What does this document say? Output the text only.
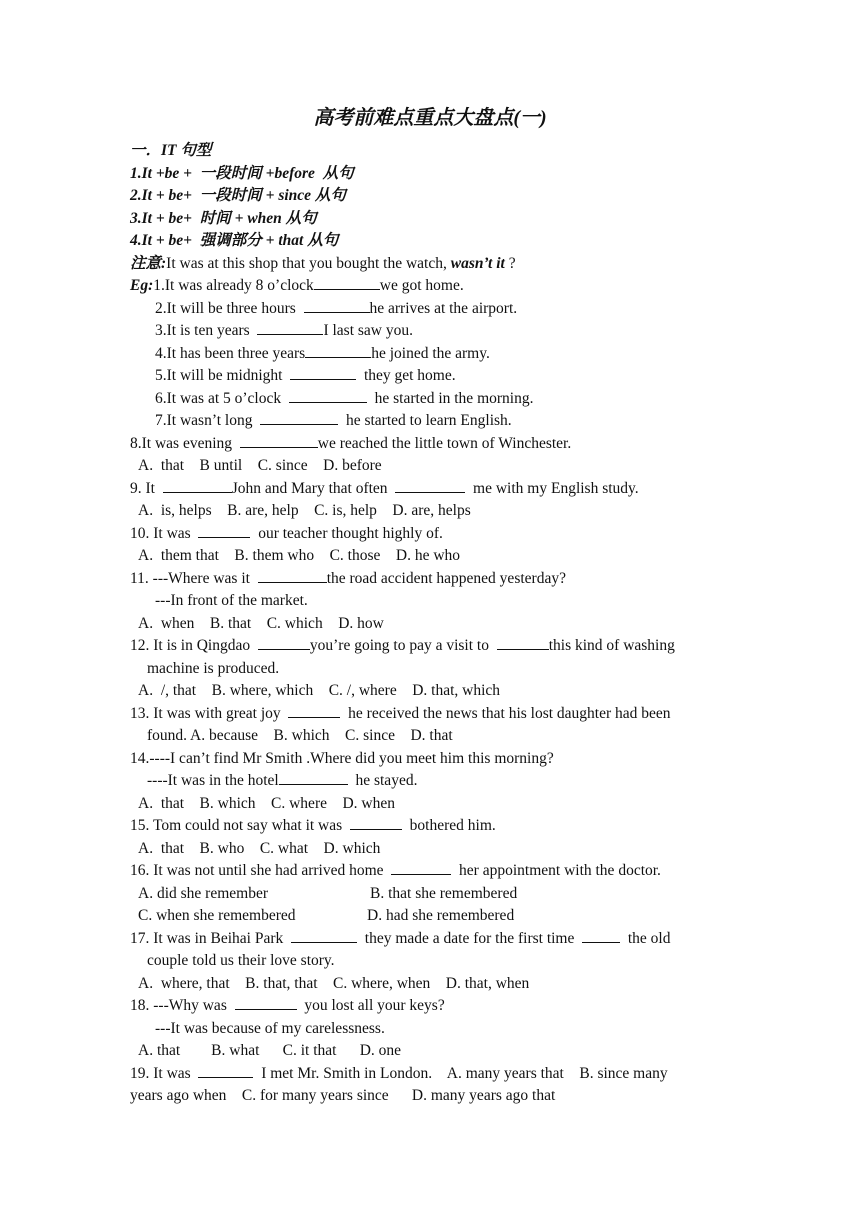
高考前难点重点大盘点(一)
一．IT 句型
1.It +be +  一段时间 +before  从句
2.It + be+  一段时间 + since 从句
3.It + be+  时间 + when 从句
4.It + be+  强调部分 + that 从句
注意:It was at this shop that you bought the watch, wasn’t it ?
Eg:1.It was already 8 o’clock	we got home.
2.It will be three hours	he arrives at the airport.
3.It is ten years	I last saw you.
4.It has been three years	he joined the army.
5.It will be midnight	they get home.
6.It was at 5 o’clock	he started in the morning.
7.It wasn’t long	he started to learn English.
8.It was evening	we reached the little town of Winchester.
A.  that    B until    C. since    D. before
9. It	John and Mary that often	me with my English study.
A.  is, helps    B. are, help    C. is, help    D. are, helps
10. It was	our teacher thought highly of.
A.  them that    B. them who    C. those    D. he who
11. ---Where was it	the road accident happened yesterday?
---In front of the market.
A.  when    B. that    C. which    D. how
12. It is in Qingdao	you’re going to pay a visit to	this kind of washing
machine is produced.
A.  /, that    B. where, which    C. /, where    D. that, which
13. It was with great joy	he received the news that his lost daughter had been
found. A. because    B. which    C. since    D. that
14.----I can’t find Mr Smith .Where did you meet him this morning?
----It was in the hotel	he stayed.
A.  that    B. which    C. where    D. when
15. Tom could not say what it was	bothered him.
A.  that    B. who    C. what    D. which
16. It was not until she had arrived home	her appointment with the doctor.
A. did she remember	B. that she remembered
C. when she remembered	D. had she remembered
17. It was in Beihai Park	they made a date for the first time    the old
couple told us their love story.
A.  where, that    B. that, that    C. where, when    D. that, when
18. ---Why was	you lost all your keys?
---It was because of my carelessness.
A. that        B. what      C. it that      D. one
19. It was	I met Mr. Smith in London.    A. many years that    B. since many
years ago when    C. for many years since      D. many years ago that
